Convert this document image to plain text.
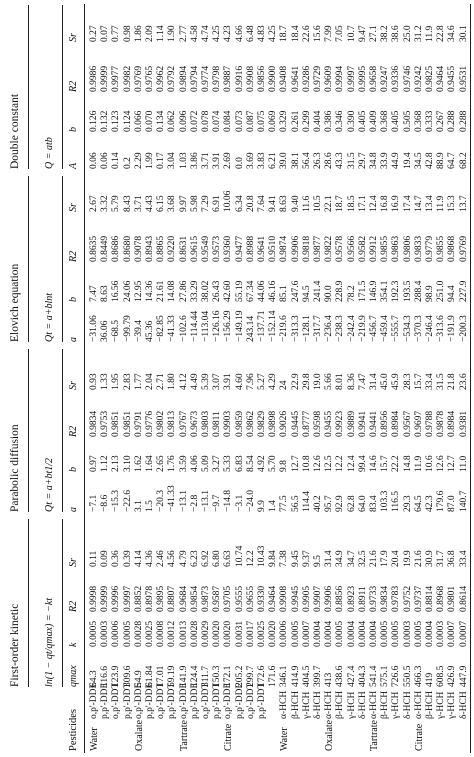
First-order kinetic
Parabolic diffusion
Elovich equation
Double constant
ln(1 − qt/qmax) = −kt
Qt = a+bt1/2
Qt = a+blnt
Q = atb
Pesticides
qmax
k
R2
Sr
a
b
R2
Sr
a
b
R2
Sr
A
b
R2
Sr
Water
o,p'-DDE
64.3
0.0005
0.9998
0.11
−7.1
0.97
0.9834
0.93
−31.06
7.47
0.8635
2.67
0.06
0.126
0.9986
0.27
p,p'-DDE
116.6
0.0003
0.9999
0.09
−8.6
1.12
0.9753
1.33
36.06
8.63
0.8449
3.32
0.06
0.132
0.9999
0.07
o,p'-DDT
123.9
0.0006
0.9996
0.36
−15.3
2.13
0.9851
1.95
−68.5
16.56
0.8686
5.79
0.14
0.123
0.9977
0.77
p,p'-DDT
309.6
0.0005
0.9997
0.39
−22.6
3.10
0.9851
2.83
−99.79
24.06
0.8680
8.43
0.2
0.124
0.9982
0.98
Oxalate
o,p'-DDE
54.9
0.0028
0.8852
4.14
3.1
1.62
0.9791
1.77
−39.4
12.95
0.9078
3.71
2.29
0.066
0.9769
1.86
p,p'-DDE
61.84
0.0025
0.8978
4.36
1.5
1.64
0.9776
2.04
45.36
14.36
0.8943
4.43
1.99
0.070
0.9765
2.09
o,p'-DDT
17.01
0.0008
0.9895
2.46
−20.3
2.65
0.9802
2.71
−82.85
21.61
0.8865
6.15
0.17
0.134
0.9962
1.14
p,p'-DDT
59.19
0.0012
0.8807
4.56
−41.33
1.76
0.9813
1.80
−41.33
14.08
0.9220
3.68
3.04
0.062
0.9792
1.90
Tartrate
o,p'-DDE
141.9
0.0013
0.9684
4.79
−13.1
3.59
0.9767
4.12
−102.6
27.86
0.8631
9.97
1.03
0.096
0.9894
2.77
p,p'-DDE
124.4
0.0028
0.9854
6.23
−2.8
4.06
0.9673
4.49
−114.44
33.29
0.9615
5.98
3.86
0.072
0.9794
4.58
o,p'-DDT
311.7
0.0029
0.9873
6.92
−13.1
5.09
0.9803
5.39
−113.04
38.02
0.9549
7.29
3.71
0.078
0.9774
4.74
p,p'-DDT
150.3
0.0020
0.9587
6.80
−9.7
3.27
0.9811
3.07
−126.16
26.43
0.9573
6.91
3.91
0.074
0.9798
4.25
Citrate
o,p'-DDE
172.1
0.0020
0.9705
6.63
−14.8
5.33
0.9903
3.91
−156.29
42.60
0.9360
10.06
2.69
0.084
0.9887
4.23
p,p'-DDE
205.2
0.0031
0.9555
10.74
−3.1
6.83
0.9859
4.60
−149.19
55.19
0.9477
6.34
0.0
0.073
0.9916
4.66
o,p'-DDT
299.7
0.0017
0.9655
12.2
−24.0
8.54
0.9862
7.96
243.14
67.34
0.8988
20.8
3.69
0.087
0.9908
6.48
p,p'-DDT
172.6
0.0025
0.9330
10.43
9.9
4.92
0.9829
5.27
−137.71
44.06
0.9641
7.64
3.83
0.075
0.9856
4.83
171.6
0.0020
0.9464
9.84
1.4
5.70
0.9898
4.29
−152.14
46.16
0.9510
9.41
6.21
0.069
0.9900
4.25
Water
α-HCH
346.1
0.0006
0.9908
7.38
77.5
9.8
0.9026
24
−219.6
85.1
0.9874
8.63
39.0
0.329
0.9408
18.7
β-HCH
414.9
0.0005
0.9945
9.45
56.5
12.7
0.9445
22.9
−313.3
247.6
0.9906
9.40
38.1
0.261
0.9641
18.4
γ-HCH
404.5
0.0007
0.9905
9.37
114.4
10.8
0.8777
29.8
−128.1
94.5
0.9818
11.6
56.4
0.299
0.9286
22.6
δ-HCH
399.7
0.0004
0.9907
9.5
40.2
12.6
0.9598
19.0
−317.7
241.4
0.9877
10.5
26.3
0.404
0.9729
15.6
Oxalate
α-HCH
413
0.0004
0.9906
31.4
95.7
12.5
0.9455
5.66
−236.4
90.0
0.9822
22.1
28.6
0.386
0.9609
7.99
β-HCH
438.6
0.0005
0.8856
34.9
92.9
12.2
0.9923
8.01
−238.3
228.9
0.9578
18.7
43.3
0.346
0.9994
7.05
γ-HCH
427.4
0.0004
0.8923
34.7
62.8
12.4
0.9889
8.36
−242.4
78.2
0.9566
18.5
31.5
0.390
0.9997
10.7
δ-HCH
404.3
0.0004
0.8911
32.5
64.0
99.4
0.9941
7.47
−219.9
171.5
0.9582
17.1
29.7
0.405
0.9995
9.47
Tartrate
α-HCH
541.4
0.0004
0.9733
21.6
83.4
14.6
0.9441
31.4
−456.7
146.9
0.9912
12.4
34.8
0.409
0.9658
27.1
β-HCH
575.1
0.0005
0.9834
17.9
103.3
15.7
0.8956
45.0
−459.4
354.1
0.9855
16.8
33.9
0.368
0.9247
38.2
γ-HCH
726.6
0.0005
0.9783
20.4
116.5
22.2
0.8984
45.9
−555.7
192.3
0.9863
16.9
44.9
0.405
0.9336
38.6
δ-HCH
550.5
0.0003
0.9752
19.9
29.3
14.8
0.9567
28.3
−534.3
193.5
0.9806
17.4
19.4
0.505
0.9746
25.0
Citrate
α-HCH
466.3
0.0005
0.9737
21.6
64.5
11.9
0.9697
15.7
−370.3
288.4
0.9833
14.7
34.5
0.368
0.9242
31.2
β-HCH
419
0.0004
0.8814
30.9
42.3
10.6
0.9788
33.4
−246.4
98.9
0.9779
13.4
42.8
0.333
0.9825
11.9
γ-HCH
608.5
0.0003
0.8968
31.7
179.6
12.6
0.9878
31.5
−313.6
251.0
0.9855
11.9
88.9
0.267
0.9464
22.8
γ-HCH
426.9
0.0007
0.9801
36.8
87.0
12.7
0.8984
21.8
−191.9
94.4
0.9868
15.3
64.7
0.288
0.9455
34.6
δ-HCH
447.9
0.0007
0.8614
33.4
140.7
11.0
0.9381
23.6
−200.3
227.9
0.9769
13.7
68.2
0.288
0.9531
30.1
